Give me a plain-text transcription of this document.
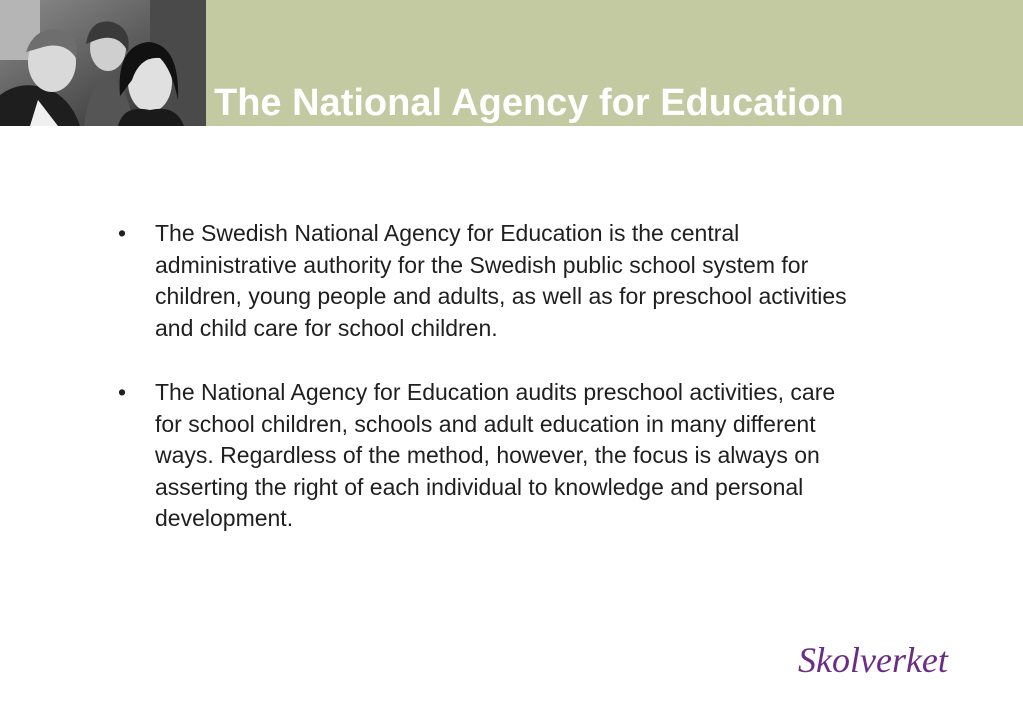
The National Agency for Education
• The Swedish National Agency for Education is the central administrative authority for the Swedish public school system for children, young people and adults, as well as for preschool activities and child care for school children.
• The National Agency for Education audits preschool activities, care for school children, schools and adult education in many different ways. Regardless of the method, however, the focus is always on asserting the right of each individual to knowledge and personal development.
Skolverket
